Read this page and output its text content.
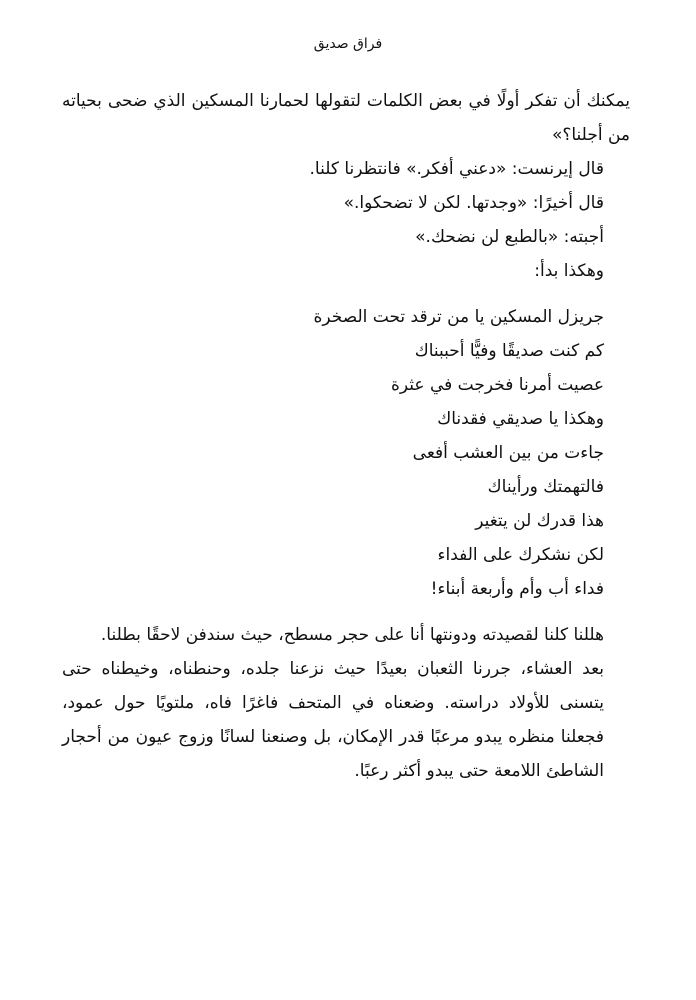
فراق صديق
يمكنك أن تفكر أولًا في بعض الكلمات لتقولها لحمارنا المسكين الذي ضحى بحياته من أجلنا؟»
قال إيرنست: «دعني أفكر.» فانتظرنا كلنا.
قال أخيرًا: «وجدتها. لكن لا تضحكوا.»
أجبته: «بالطبع لن نضحك.»
وهكذا بدأ:
جريزل المسكين يا من ترقد تحت الصخرة
كم كنت صديقًا وفيًّا أحببناك
عصيت أمرنا فخرجت في عثرة
وهكذا يا صديقي فقدناك
جاءت من بين العشب أفعى
فالتهمتك ورأيناك
هذا قدرك لن يتغير
لكن نشكرك على الفداء
فداء أب وأم وأربعة أبناء!
هللنا كلنا لقصيدته ودونتها أنا على حجر مسطح، حيث سندفن لاحقًا بطلنا.
بعد العشاء، جررنا الثعبان بعيدًا حيث نزعنا جلده، وحنطناه، وخيطناه حتى يتسنى للأولاد دراسته. وضعناه في المتحف فاغرًا فاه، ملتويًا حول عمود، فجعلنا منظره يبدو مرعبًا قدر الإمكان، بل وصنعنا لسانًا وزوج عيون من أحجار الشاطئ اللامعة حتى يبدو أكثر رعبًا.
